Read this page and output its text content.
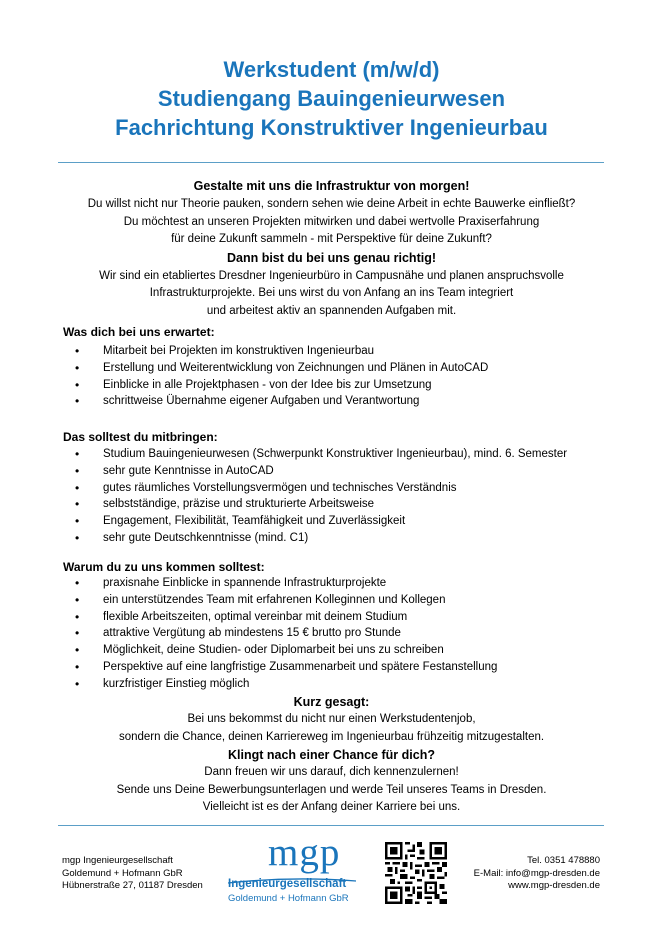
Werkstudent (m/w/d)
Studiengang Bauingenieurwesen
Fachrichtung Konstruktiver Ingenieurbau
Gestalte mit uns die Infrastruktur von morgen!
Du willst nicht nur Theorie pauken, sondern sehen wie deine Arbeit in echte Bauwerke einfließt?
Du möchtest an unseren Projekten mitwirken und dabei wertvolle Praxiserfahrung
für deine Zukunft sammeln - mit Perspektive für deine Zukunft?
Dann bist du bei uns genau richtig!
Wir sind ein etabliertes Dresdner Ingenieurbüro in Campusnähe und planen anspruchsvolle
Infrastrukturprojekte. Bei uns wirst du von Anfang an ins Team integriert
und arbeitest aktiv an spannenden Aufgaben mit.
Was dich bei uns erwartet:
• Mitarbeit bei Projekten im konstruktiven Ingenieurbau
• Erstellung und Weiterentwicklung von Zeichnungen und Plänen in AutoCAD
• Einblicke in alle Projektphasen - von der Idee bis zur Umsetzung
• schrittweise Übernahme eigener Aufgaben und Verantwortung
Das solltest du mitbringen:
• Studium Bauingenieurwesen (Schwerpunkt Konstruktiver Ingenieurbau), mind. 6. Semester
• sehr gute Kenntnisse in AutoCAD
• gutes räumliches Vorstellungsvermögen und technisches Verständnis
• selbstständige, präzise und strukturierte Arbeitsweise
• Engagement, Flexibilität, Teamfähigkeit und Zuverlässigkeit
• sehr gute Deutschkenntnisse (mind. C1)
Warum du zu uns kommen solltest:
• praxisnahe Einblicke in spannende Infrastrukturprojekte
• ein unterstützendes Team mit erfahrenen Kolleginnen und Kollegen
• flexible Arbeitszeiten, optimal vereinbar mit deinem Studium
• attraktive Vergütung ab mindestens 15 € brutto pro Stunde
• Möglichkeit, deine Studien- oder Diplomarbeit bei uns zu schreiben
• Perspektive auf eine langfristige Zusammenarbeit und spätere Festanstellung
• kurzfristiger Einstieg möglich
Kurz gesagt:
Bei uns bekommst du nicht nur einen Werkstudentenjob,
sondern die Chance, deinen Karriereweg im Ingenieurbau frühzeitig mitzugestalten.
Klingt nach einer Chance für dich?
Dann freuen wir uns darauf, dich kennenzulernen!
Sende uns Deine Bewerbungsunterlagen und werde Teil unseres Teams in Dresden.
Vielleicht ist es der Anfang deiner Karriere bei uns.
mgp Ingenieurgesellschaft
Goldemund + Hofmann GbR
Hübnerstraße 27, 01187 Dresden
mgp
Ingenieurgesellschaft
Goldemund + Hofmann GbR
Tel. 0351 478880
E-Mail: info@mgp-dresden.de
www.mgp-dresden.de
